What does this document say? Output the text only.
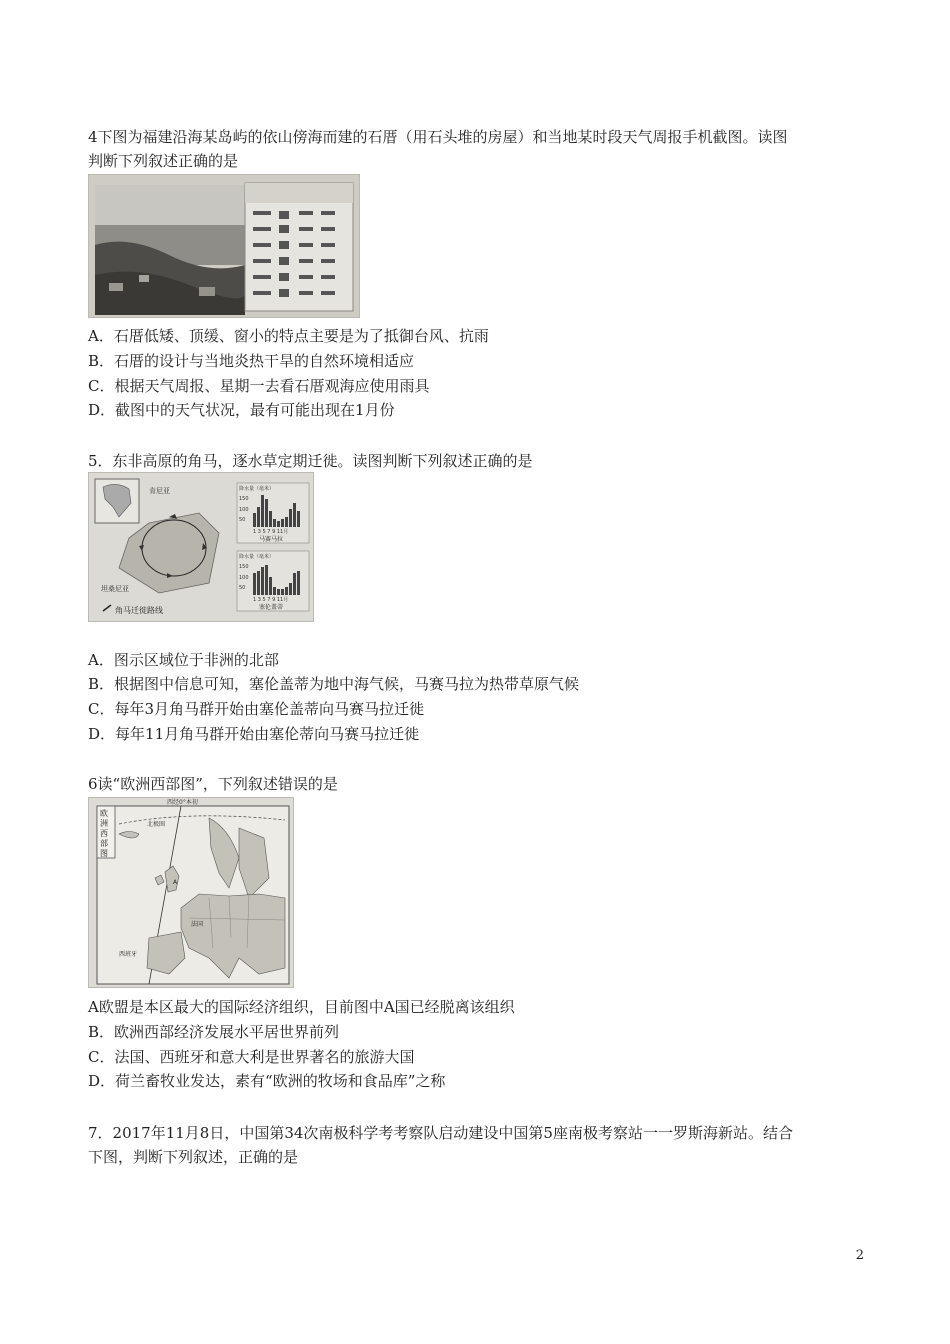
4下图为福建沿海某岛屿的依山傍海而建的石厝（用石头堆的房屋）和当地某时段天气周报手机截图。读图
判断下列叙述正确的是
A．石厝低矮、顶缓、窗小的特点主要是为了抵御台风、抗雨
B．石厝的设计与当地炎热干旱的自然环境相适应
C．根据天气周报、星期一去看石厝观海应使用雨具
D．截图中的天气状况，最有可能出现在1月份
5．东非高原的角马，逐水草定期迁徙。读图判断下列叙述正确的是
肯尼亚
坦桑尼亚
角马迁徙路线
降水量（毫米）
150
100
50
1 3 5 7 9 11月
马赛马拉
降水量（毫米）
150
100
50
1 3 5 7 9 11月
塞伦盖蒂
A．图示区域位于非洲的北部
B．根据图中信息可知，塞伦盖蒂为地中海气候，马赛马拉为热带草原气候
C．每年3月角马群开始由塞伦盖蒂向马赛马拉迁徙
D．每年11月角马群开始由塞伦蒂向马赛马拉迁徙
6读“欧洲西部图”，下列叙述错误的是
欧
洲
西
部
图
西经0°本初
北极圈
A
法国
西班牙
A欧盟是本区最大的国际经济组织，目前图中A国已经脱离该组织
B．欧洲西部经济发展水平居世界前列
C．法国、西班牙和意大利是世界著名的旅游大国
D．荷兰畜牧业发达，素有“欧洲的牧场和食品库”之称
7．2017年11月8日，中国第34次南极科学考考察队启动建设中国第5座南极考察站一一罗斯海新站。结合
下图，判断下列叙述，正确的是
2
